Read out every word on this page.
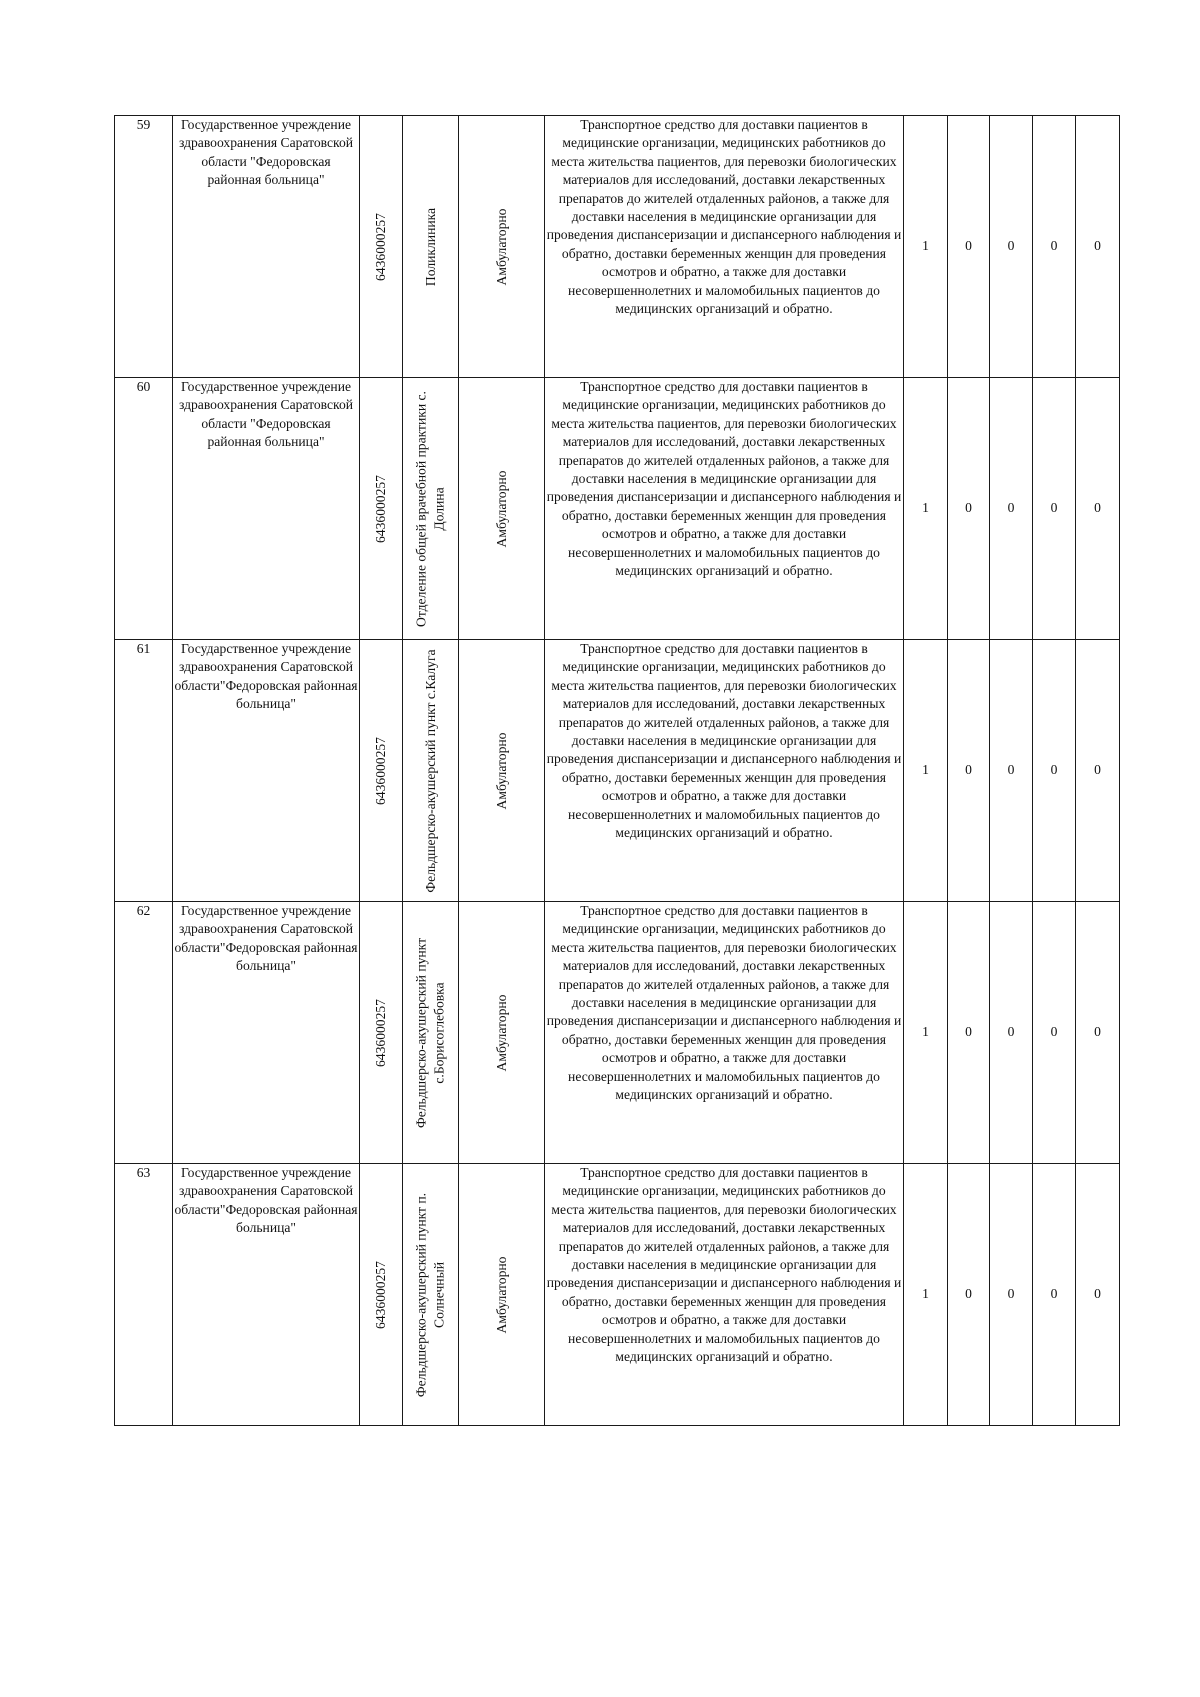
59	Государственное учреждение здравоохранения Саратовской области "Федоровская районная больница"	6436000257	Поликлиника	Амбулаторно	Транспортное средство для доставки пациентов в медицинские организации, медицинских работников до места жительства пациентов, для перевозки биологических материалов для исследований, доставки лекарственных препаратов до жителей отдаленных районов, а также для доставки населения в медицинские организации для проведения диспансеризации и диспансерного наблюдения и обратно, доставки беременных женщин для проведения осмотров и обратно, а также для доставки несовершеннолетних и маломобильных пациентов до медицинских организаций и обратно.	1	0	0	0	0
60	Государственное учреждение здравоохранения Саратовской области "Федоровская районная больница"	6436000257	Отделение общей врачебной практики с. Долина	Амбулаторно	Транспортное средство для доставки пациентов в медицинские организации, медицинских работников до места жительства пациентов, для перевозки биологических материалов для исследований, доставки лекарственных препаратов до жителей отдаленных районов, а также для доставки населения в медицинские организации для проведения диспансеризации и диспансерного наблюдения и обратно, доставки беременных женщин для проведения осмотров и обратно, а также для доставки несовершеннолетних и маломобильных пациентов до медицинских организаций и обратно.	1	0	0	0	0
61	Государственное учреждение здравоохранения Саратовской области"Федоровская районная больница"	6436000257	Фельдшерско-акушерский пункт с.Калуга	Амбулаторно	Транспортное средство для доставки пациентов в медицинские организации, медицинских работников до места жительства пациентов, для перевозки биологических материалов для исследований, доставки лекарственных препаратов до жителей отдаленных районов, а также для доставки населения в медицинские организации для проведения диспансеризации и диспансерного наблюдения и обратно, доставки беременных женщин для проведения осмотров и обратно, а также для доставки несовершеннолетних и маломобильных пациентов до медицинских организаций и обратно.	1	0	0	0	0
62	Государственное учреждение здравоохранения Саратовской области"Федоровская районная больница"	6436000257	Фельдшерско-акушерский пункт с.Борисоглебовка	Амбулаторно	Транспортное средство для доставки пациентов в медицинские организации, медицинских работников до места жительства пациентов, для перевозки биологических материалов для исследований, доставки лекарственных препаратов до жителей отдаленных районов, а также для доставки населения в медицинские организации для проведения диспансеризации и диспансерного наблюдения и обратно, доставки беременных женщин для проведения осмотров и обратно, а также для доставки несовершеннолетних и маломобильных пациентов до медицинских организаций и обратно.	1	0	0	0	0
63	Государственное учреждение здравоохранения Саратовской области"Федоровская районная больница"	6436000257	Фельдшерско-акушерский пункт п. Солнечный	Амбулаторно	Транспортное средство для доставки пациентов в медицинские организации, медицинских работников до места жительства пациентов, для перевозки биологических материалов для исследований, доставки лекарственных препаратов до жителей отдаленных районов, а также для доставки населения в медицинские организации для проведения диспансеризации и диспансерного наблюдения и обратно, доставки беременных женщин для проведения осмотров и обратно, а также для доставки несовершеннолетних и маломобильных пациентов до медицинских организаций и обратно.	1	0	0	0	0
